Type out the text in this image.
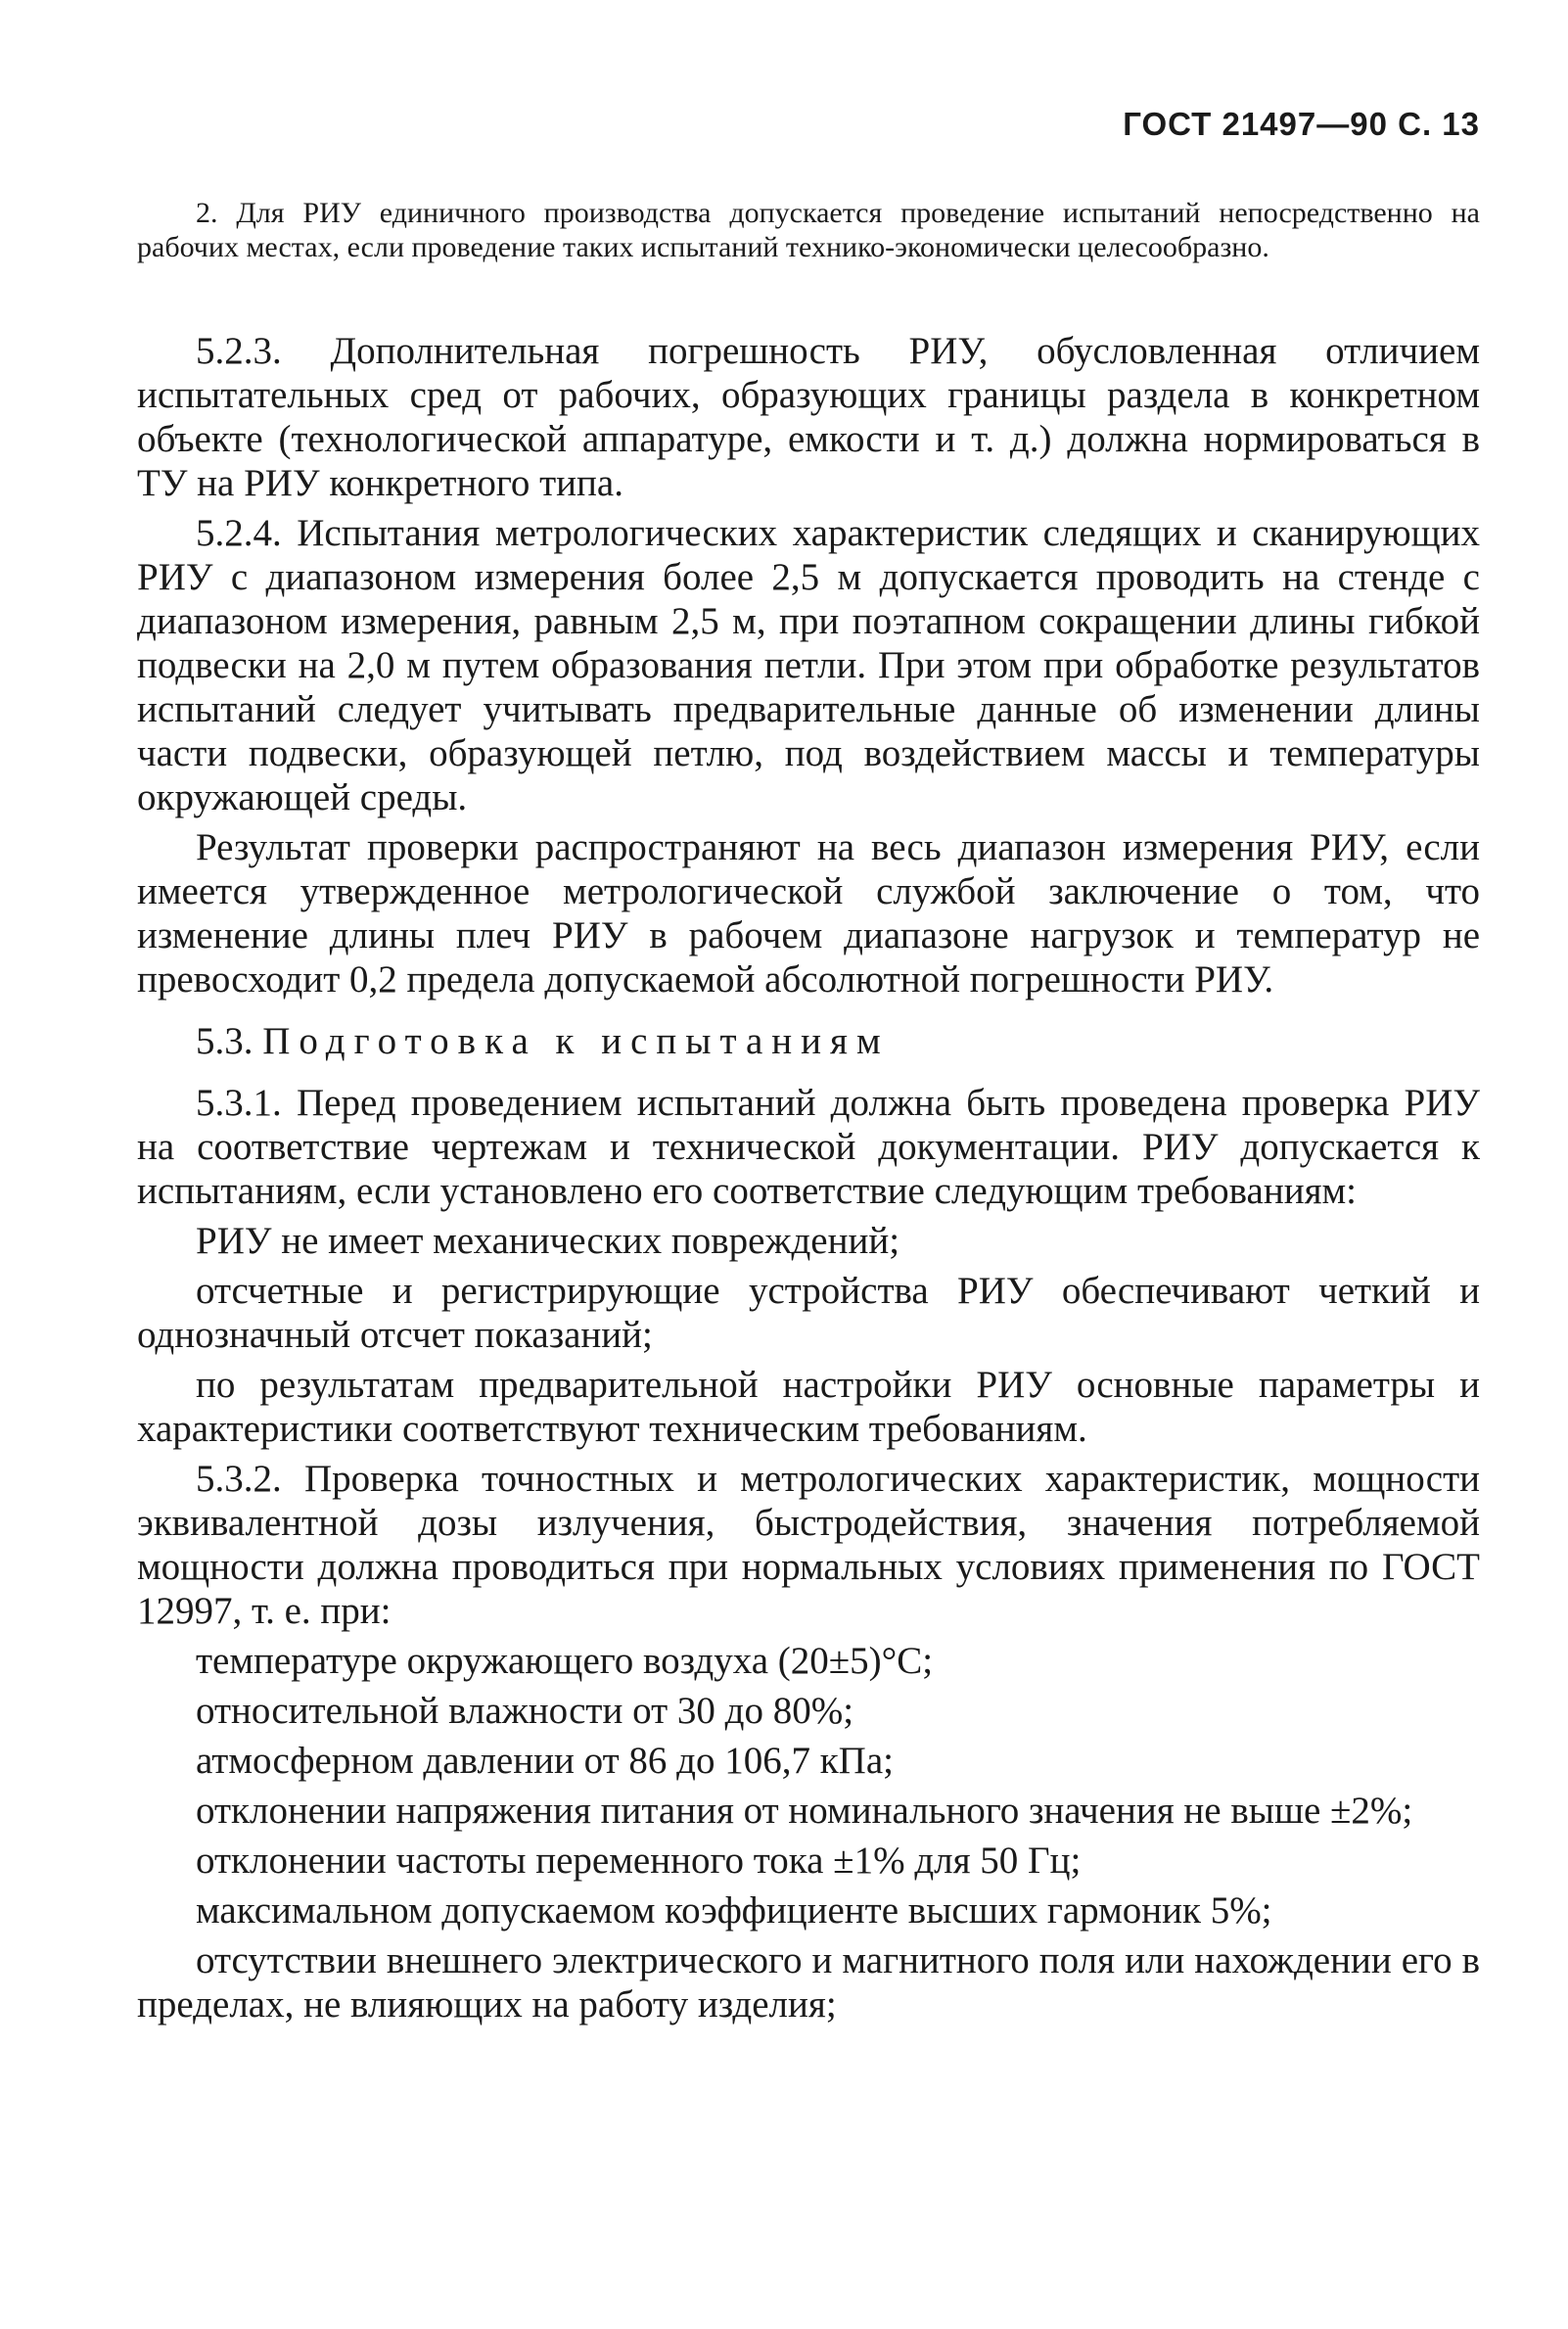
ГОСТ 21497—90 С. 13

2. Для РИУ единичного производства допускается проведение испытаний непосредственно на рабочих местах, если проведение таких испытаний технико-экономически целесообразно.

5.2.3. Дополнительная погрешность РИУ, обусловленная отличием испытательных сред от рабочих, образующих границы раздела в конкретном объекте (технологической аппаратуре, емкости и т. д.) должна нормироваться в ТУ на РИУ конкретного типа.

5.2.4. Испытания метрологических характеристик следящих и сканирующих РИУ с диапазоном измерения более 2,5 м допускается проводить на стенде с диапазоном измерения, равным 2,5 м, при поэтапном сокращении длины гибкой подвески на 2,0 м путем образования петли. При этом при обработке результатов испытаний следует учитывать предварительные данные об изменении длины части подвески, образующей петлю, под воздействием массы и температуры окружающей среды.

Результат проверки распространяют на весь диапазон измерения РИУ, если имеется утвержденное метрологической службой заключение о том, что изменение длины плеч РИУ в рабочем диапазоне нагрузок и температур не превосходит 0,2 предела допускаемой абсолютной погрешности РИУ.

5.3. Подготовка к испытаниям

5.3.1. Перед проведением испытаний должна быть проведена проверка РИУ на соответствие чертежам и технической документации. РИУ допускается к испытаниям, если установлено его соответствие следующим требованиям:

РИУ не имеет механических повреждений;

отсчетные и регистрирующие устройства РИУ обеспечивают четкий и однозначный отсчет показаний;

по результатам предварительной настройки РИУ основные параметры и характеристики соответствуют техническим требованиям.

5.3.2. Проверка точностных и метрологических характеристик, мощности эквивалентной дозы излучения, быстродействия, значения потребляемой мощности должна проводиться при нормальных условиях применения по ГОСТ 12997, т. е. при:

температуре окружающего воздуха (20±5)°С;

относительной влажности от 30 до 80%;

атмосферном давлении от 86 до 106,7 кПа;

отклонении напряжения питания от номинального значения не выше ±2%;

отклонении частоты переменного тока ±1% для 50 Гц;

максимальном допускаемом коэффициенте высших гармоник 5%;

отсутствии внешнего электрического и магнитного поля или нахождении его в пределах, не влияющих на работу изделия;
